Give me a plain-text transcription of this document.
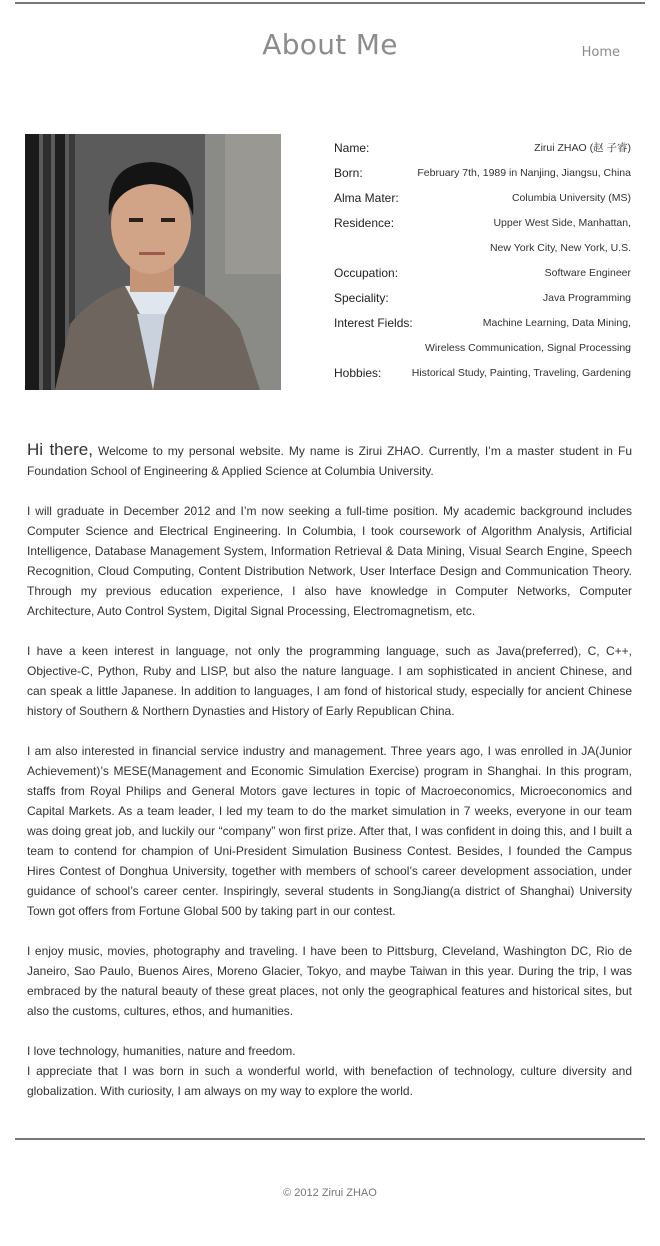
About Me	Home
Name:	Zirui ZHAO (赵 子睿)
Born:	February 7th, 1989 in Nanjing, Jiangsu, China
Alma Mater:	Columbia University (MS)
Residence:	Upper West Side, Manhattan,
New York City, New York, U.S.
Occupation:	Software Engineer
Speciality:	Java Programming
Interest Fields:	Machine Learning, Data Mining,
Wireless Communication, Signal Processing
Hobbies:	Historical Study, Painting, Traveling, Gardening

Hi there, Welcome to my personal website. My name is Zirui ZHAO. Currently, I’m a master student in Fu Foundation School of Engineering & Applied Science at Columbia University.

I will graduate in December 2012 and I’m now seeking a full-time position. My academic background includes Computer Science and Electrical Engineering. In Columbia, I took coursework of Algorithm Analysis, Artificial Intelligence, Database Management System, Information Retrieval & Data Mining, Visual Search Engine, Speech Recognition, Cloud Computing, Content Distribution Network, User Interface Design and Communication Theory. Through my previous education experience, I also have knowledge in Computer Networks, Computer Architecture, Auto Control System, Digital Signal Processing, Electromagnetism, etc.

I have a keen interest in language, not only the programming language, such as Java(preferred), C, C++, Objective-C, Python, Ruby and LISP, but also the nature language. I am sophisticated in ancient Chinese, and can speak a little Japanese. In addition to languages, I am fond of historical study, especially for ancient Chinese history of Southern & Northern Dynasties and History of Early Republican China.

I am also interested in financial service industry and management. Three years ago, I was enrolled in JA(Junior Achievement)’s MESE(Management and Economic Simulation Exercise) program in Shanghai. In this program, staffs from Royal Philips and General Motors gave lectures in topic of Macroeconomics, Microeconomics and Capital Markets. As a team leader, I led my team to do the market simulation in 7 weeks, everyone in our team was doing great job, and luckily our “company” won first prize. After that, I was confident in doing this, and I built a team to contend for champion of Uni-President Simulation Business Contest. Besides, I founded the Campus Hires Contest of Donghua University, together with members of school’s career development association, under guidance of school’s career center. Inspiringly, several students in SongJiang(a district of Shanghai) University Town got offers from Fortune Global 500 by taking part in our contest.

I enjoy music, movies, photography and traveling. I have been to Pittsburg, Cleveland, Washington DC, Rio de Janeiro, Sao Paulo, Buenos Aires, Moreno Glacier, Tokyo, and maybe Taiwan in this year. During the trip, I was embraced by the natural beauty of these great places, not only the geographical features and historical sites, but also the customs, cultures, ethos, and humanities.

I love technology, humanities, nature and freedom.
I appreciate that I was born in such a wonderful world, with benefaction of technology, culture diversity and globalization. With curiosity, I am always on my way to explore the world.

© 2012 Zirui ZHAO
